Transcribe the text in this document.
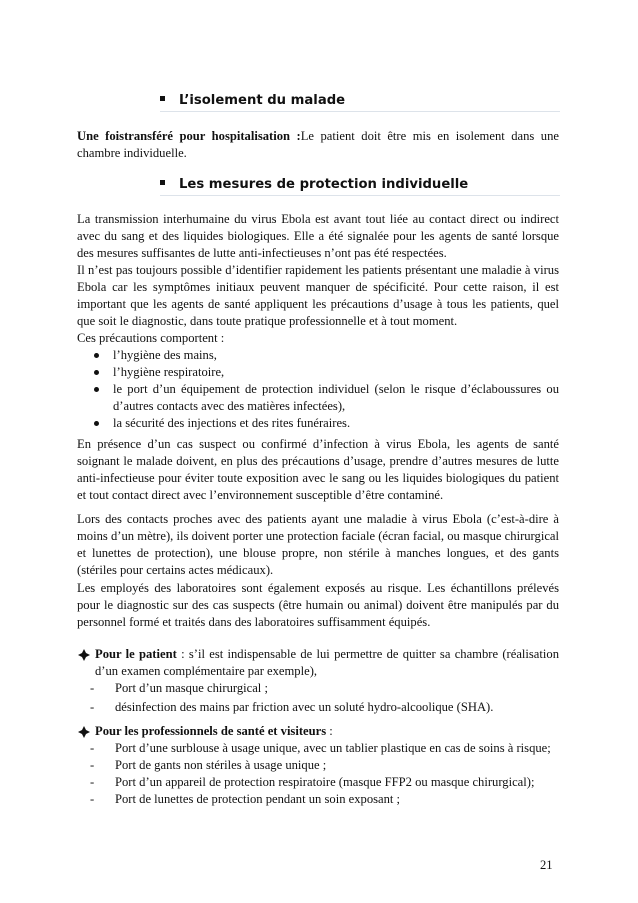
L’isolement du malade

Une foistransféré pour hospitalisation :Le patient doit être mis en isolement dans une chambre individuelle.

Les mesures de protection individuelle

La transmission interhumaine du virus Ebola est avant tout liée au contact direct ou indirect avec du sang et des liquides biologiques. Elle a été signalée pour les agents de santé lorsque des mesures suffisantes de lutte anti-infectieuses n’ont pas été respectées.

Il n’est pas toujours possible d’identifier rapidement les patients présentant une maladie à virus Ebola car les symptômes initiaux peuvent manquer de spécificité. Pour cette raison, il est important que les agents de santé appliquent les précautions d’usage à tous les patients, quel que soit le diagnostic, dans toute pratique professionnelle et à tout moment.

Ces précautions comportent :

l’hygiène des mains,
l’hygiène respiratoire,
le port d’un équipement de protection individuel (selon le risque d’éclaboussures ou d’autres contacts avec des matières infectées),
la sécurité des injections et des rites funéraires.

En présence d’un cas suspect ou confirmé d’infection à virus Ebola, les agents de santé soignant le malade doivent, en plus des précautions d’usage, prendre d’autres mesures de lutte anti-infectieuse pour éviter toute exposition avec le sang ou les liquides biologiques du patient et tout contact direct avec l’environnement susceptible d’être contaminé.

Lors des contacts proches avec des patients ayant une maladie à virus Ebola (c’est-à-dire à moins d’un mètre), ils doivent porter une protection faciale (écran facial, ou masque chirurgical et lunettes de protection), une blouse propre, non stérile à manches longues, et des gants (stériles pour certains actes médicaux).

Les employés des laboratoires sont également exposés au risque. Les échantillons prélevés pour le diagnostic sur des cas suspects (être humain ou animal) doivent être manipulés par du personnel formé et traités dans des laboratoires suffisamment équipés.

Pour le patient : s’il est indispensable de lui permettre de quitter sa chambre (réalisation d’un examen complémentaire par exemple),
- Port d’un masque chirurgical ;
- désinfection des mains par friction avec un soluté hydro-alcoolique (SHA).
Pour les professionnels de santé et visiteurs :
- Port d’une surblouse à usage unique, avec un tablier plastique en cas de soins à risque;
- Port de gants non stériles à usage unique ;
- Port d’un appareil de protection respiratoire (masque FFP2 ou masque chirurgical);
- Port de lunettes de protection pendant un soin exposant ;
21
